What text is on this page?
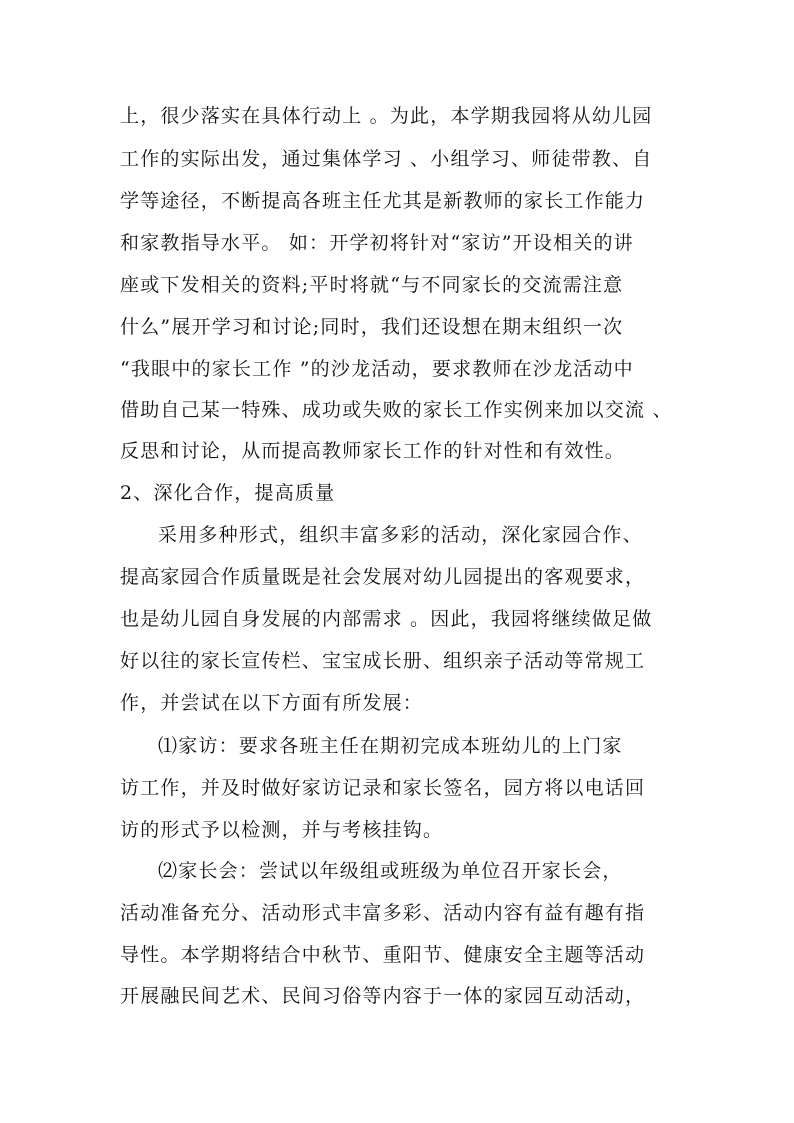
上，很少落实在具体行动上 。为此，本学期我园将从幼儿园
工作的实际出发，通过集体学习 、小组学习、师徒带教、自
学等途径，不断提高各班主任尤其是新教师的家长工作能力
和家教指导水平。 如：开学初将针对“家访”开设相关的讲
座或下发相关的资料;平时将就“与不同家长的交流需注意
什么”展开学习和讨论;同时，我们还设想在期末组织一次
“我眼中的家长工作 ”的沙龙活动，要求教师在沙龙活动中
借助自己某一特殊、成功或失败的家长工作实例来加以交流 、
反思和讨论，从而提高教师家长工作的针对性和有效性。
2、深化合作，提高质量
采用多种形式，组织丰富多彩的活动，深化家园合作、
提高家园合作质量既是社会发展对幼儿园提出的客观要求，
也是幼儿园自身发展的内部需求 。因此，我园将继续做足做
好以往的家长宣传栏、宝宝成长册、组织亲子活动等常规工
作，并尝试在以下方面有所发展：
⑴家访：要求各班主任在期初完成本班幼儿的上门家
访工作，并及时做好家访记录和家长签名，园方将以电话回
访的形式予以检测，并与考核挂钩。
⑵家长会：尝试以年级组或班级为单位召开家长会，
活动准备充分、活动形式丰富多彩、活动内容有益有趣有指
导性。本学期将结合中秋节、重阳节、健康安全主题等活动
开展融民间艺术、民间习俗等内容于一体的家园互动活动，
